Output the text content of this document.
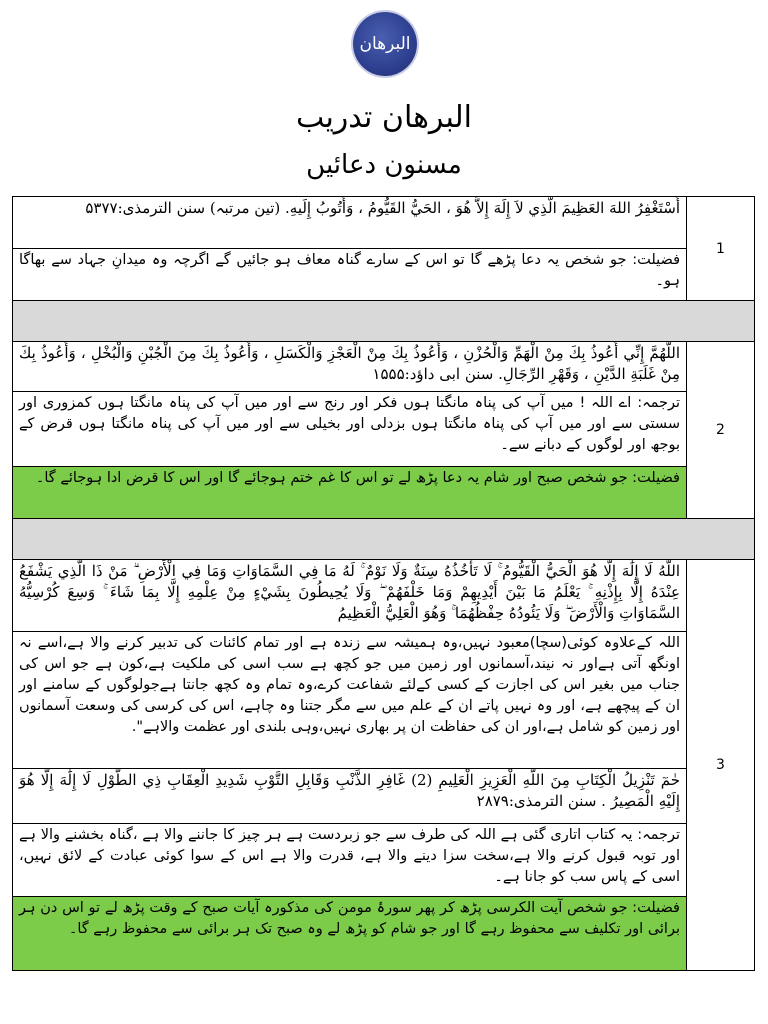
البرهان
البرهان تدریب
مسنون دعائیں
أَسْتَغْفِرُ اللهَ العَظِيمَ الَّذِي لاَ إِلَهَ إِلاَّ هُوَ ، الحَيُّ القَيُّومُ ، وَأَتُوبُ إِلَيهِ. (تین مرتبہ) سنن الترمذی:۵۳۷۷	1
فضیلت: جو شخص یہ دعا پڑھے گا تو اس کے سارے گناہ معاف ہو جائیں گے اگرچہ وہ میدانِ جہاد سے بھاگا ہو۔	

اللَّهُمَّ إِنِّي أَعُوذُ بِكَ مِنْ الْهَمِّ وَالْحُزْنِ ، وَأَعُوذُ بِكَ مِنْ الْعَجْزِ وَالْكَسَلِ ، وَأَعُوذُ بِكَ مِنَ الْجُبْنِ وَالْبُخْلِ ، وَأَعُوذُ بِكَ مِنْ غَلَبَةِ الدَّيْنِ ، وَقَهْرِ الرِّجَالِ. سنن ابی داؤد:۱۵۵۵	2
ترجمہ: اے اللہ ! میں آپ کی پناہ مانگتا ہوں فکر اور رنج سے اور میں آپ کی پناہ مانگتا ہوں کمزوری اور سستی سے اور میں آپ کی پناہ مانگتا ہوں بزدلی اور بخیلی سے اور میں آپ کی پناہ مانگتا ہوں قرض کے بوجھ اور لوگوں کے دبانے سے۔	
فضیلت: جو شخص صبح اور شام یہ دعا پڑھ لے تو اس کا غم ختم ہوجائے گا اور اس کا قرض ادا ہوجائے گا۔	

اللَّهُ لَا إِلَٰهَ إِلَّا هُوَ الْحَيُّ الْقَيُّومُ ۚ لَا تَأْخُذُهُ سِنَةٌ وَلَا نَوْمٌ ۚ لَهُ مَا فِي السَّمَاوَاتِ وَمَا فِي الْأَرْضِ ۗ مَنْ ذَا الَّذِي يَشْفَعُ عِنْدَهُ إِلَّا بِإِذْنِهِ ۚ يَعْلَمُ مَا بَيْنَ أَيْدِيهِمْ وَمَا خَلْفَهُمْ ۖ وَلَا يُحِيطُونَ بِشَيْءٍ مِنْ عِلْمِهِ إِلَّا بِمَا شَاءَ ۚ وَسِعَ كُرْسِيُّهُ السَّمَاوَاتِ وَالْأَرْضَ ۖ وَلَا يَئُودُهُ حِفْظُهُمَا ۚ وَهُوَ الْعَلِيُّ الْعَظِيمُ	3
اللہ کےعلاوہ کوئی(سچا)معبود نہیں،وہ ہمیشہ سے زندہ ہے اور تمام کائنات کی تدبیر کرنے والا ہے،اسے نہ اونگھ آتی ہےاور نہ نیند،آسمانوں اور زمین میں جو کچھ ہے سب اسی کی ملکیت ہے،کون ہے جو اس کی جناب میں بغیر اس کی اجازت کے کسی کےلئے شفاعت کرے،وہ تمام وہ کچھ جانتا ہےجولوگوں کے سامنے اور ان کے پیچھے ہے، اور وہ نہیں پاتے ان کے علم میں سے مگر جتنا وہ چاہے، اس کی کرسی کی وسعت آسمانوں اور زمین کو شامل ہے،اور ان کی حفاظت ان پر بھاری نہیں،وہی بلندی اور عظمت والاہے".	
حٰمٓ تَنْزِيلُ الْكِتَابِ مِنَ اللَّهِ الْعَزِيزِ الْعَلِيمِ (2) غَافِرِ الذَّنْبِ وَقَابِلِ التَّوْبِ شَدِيدِ الْعِقَابِ ذِي الطَّوْلِ لَا إِلَٰهَ إِلَّا هُوَ إِلَيْهِ الْمَصِيرُ . سنن الترمذی:۲۸۷۹	
ترجمہ: یہ کتاب اتاری گئی ہے اللہ کی طرف سے جو زبردست ہے ہر چیز کا جاننے والا ہے ،گناہ بخشنے والا ہے اور توبہ قبول کرنے والا ہے،سخت سزا دینے والا ہے، قدرت والا ہے اس کے سوا کوئی عبادت کے لائق نہیں، اسی کے پاس سب کو جانا ہے۔	
فضیلت: جو شخص آیت الکرسی پڑھ کر پھر سورۂ مومن کی مذکورہ آیات صبح کے وقت پڑھ لے تو اس دن ہر برائی اور تکلیف سے محفوظ رہے گا اور جو شام کو پڑھ لے وہ صبح تک ہر برائی سے محفوظ رہے گا۔	
